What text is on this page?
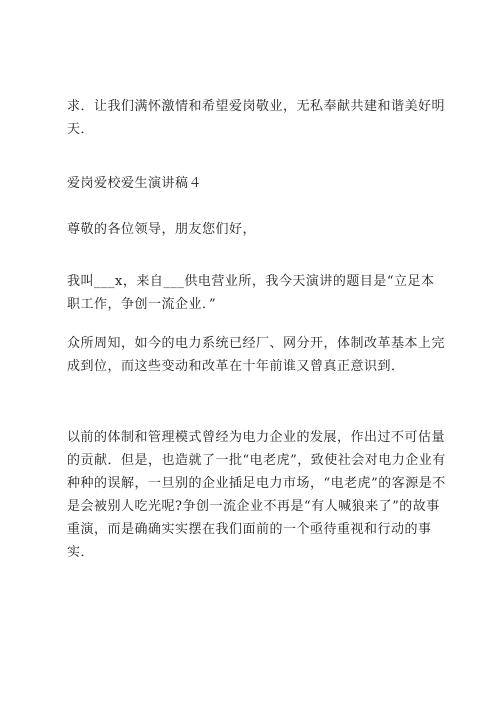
求．让我们满怀激情和希望爱岗敬业，无私奉献共建和谐美好明天．

爱岗爱校爱生演讲稿４

尊敬的各位领导，朋友您们好，

我叫___x，来自___供电营业所，我今天演讲的题目是“立足本职工作，争创一流企业．”

众所周知，如今的电力系统已经厂、网分开，体制改革基本上完成到位，而这些变动和改革在十年前谁又曾真正意识到．

以前的体制和管理模式曾经为电力企业的发展，作出过不可估量的贡献．但是，也造就了一批“电老虎”，致使社会对电力企业有种种的误解，一旦别的企业插足电力市场，“电老虎”的客源是不是会被别人吃光呢?争创一流企业不再是“有人喊狼来了”的故事重演，而是确确实实摆在我们面前的一个亟待重视和行动的事实．
